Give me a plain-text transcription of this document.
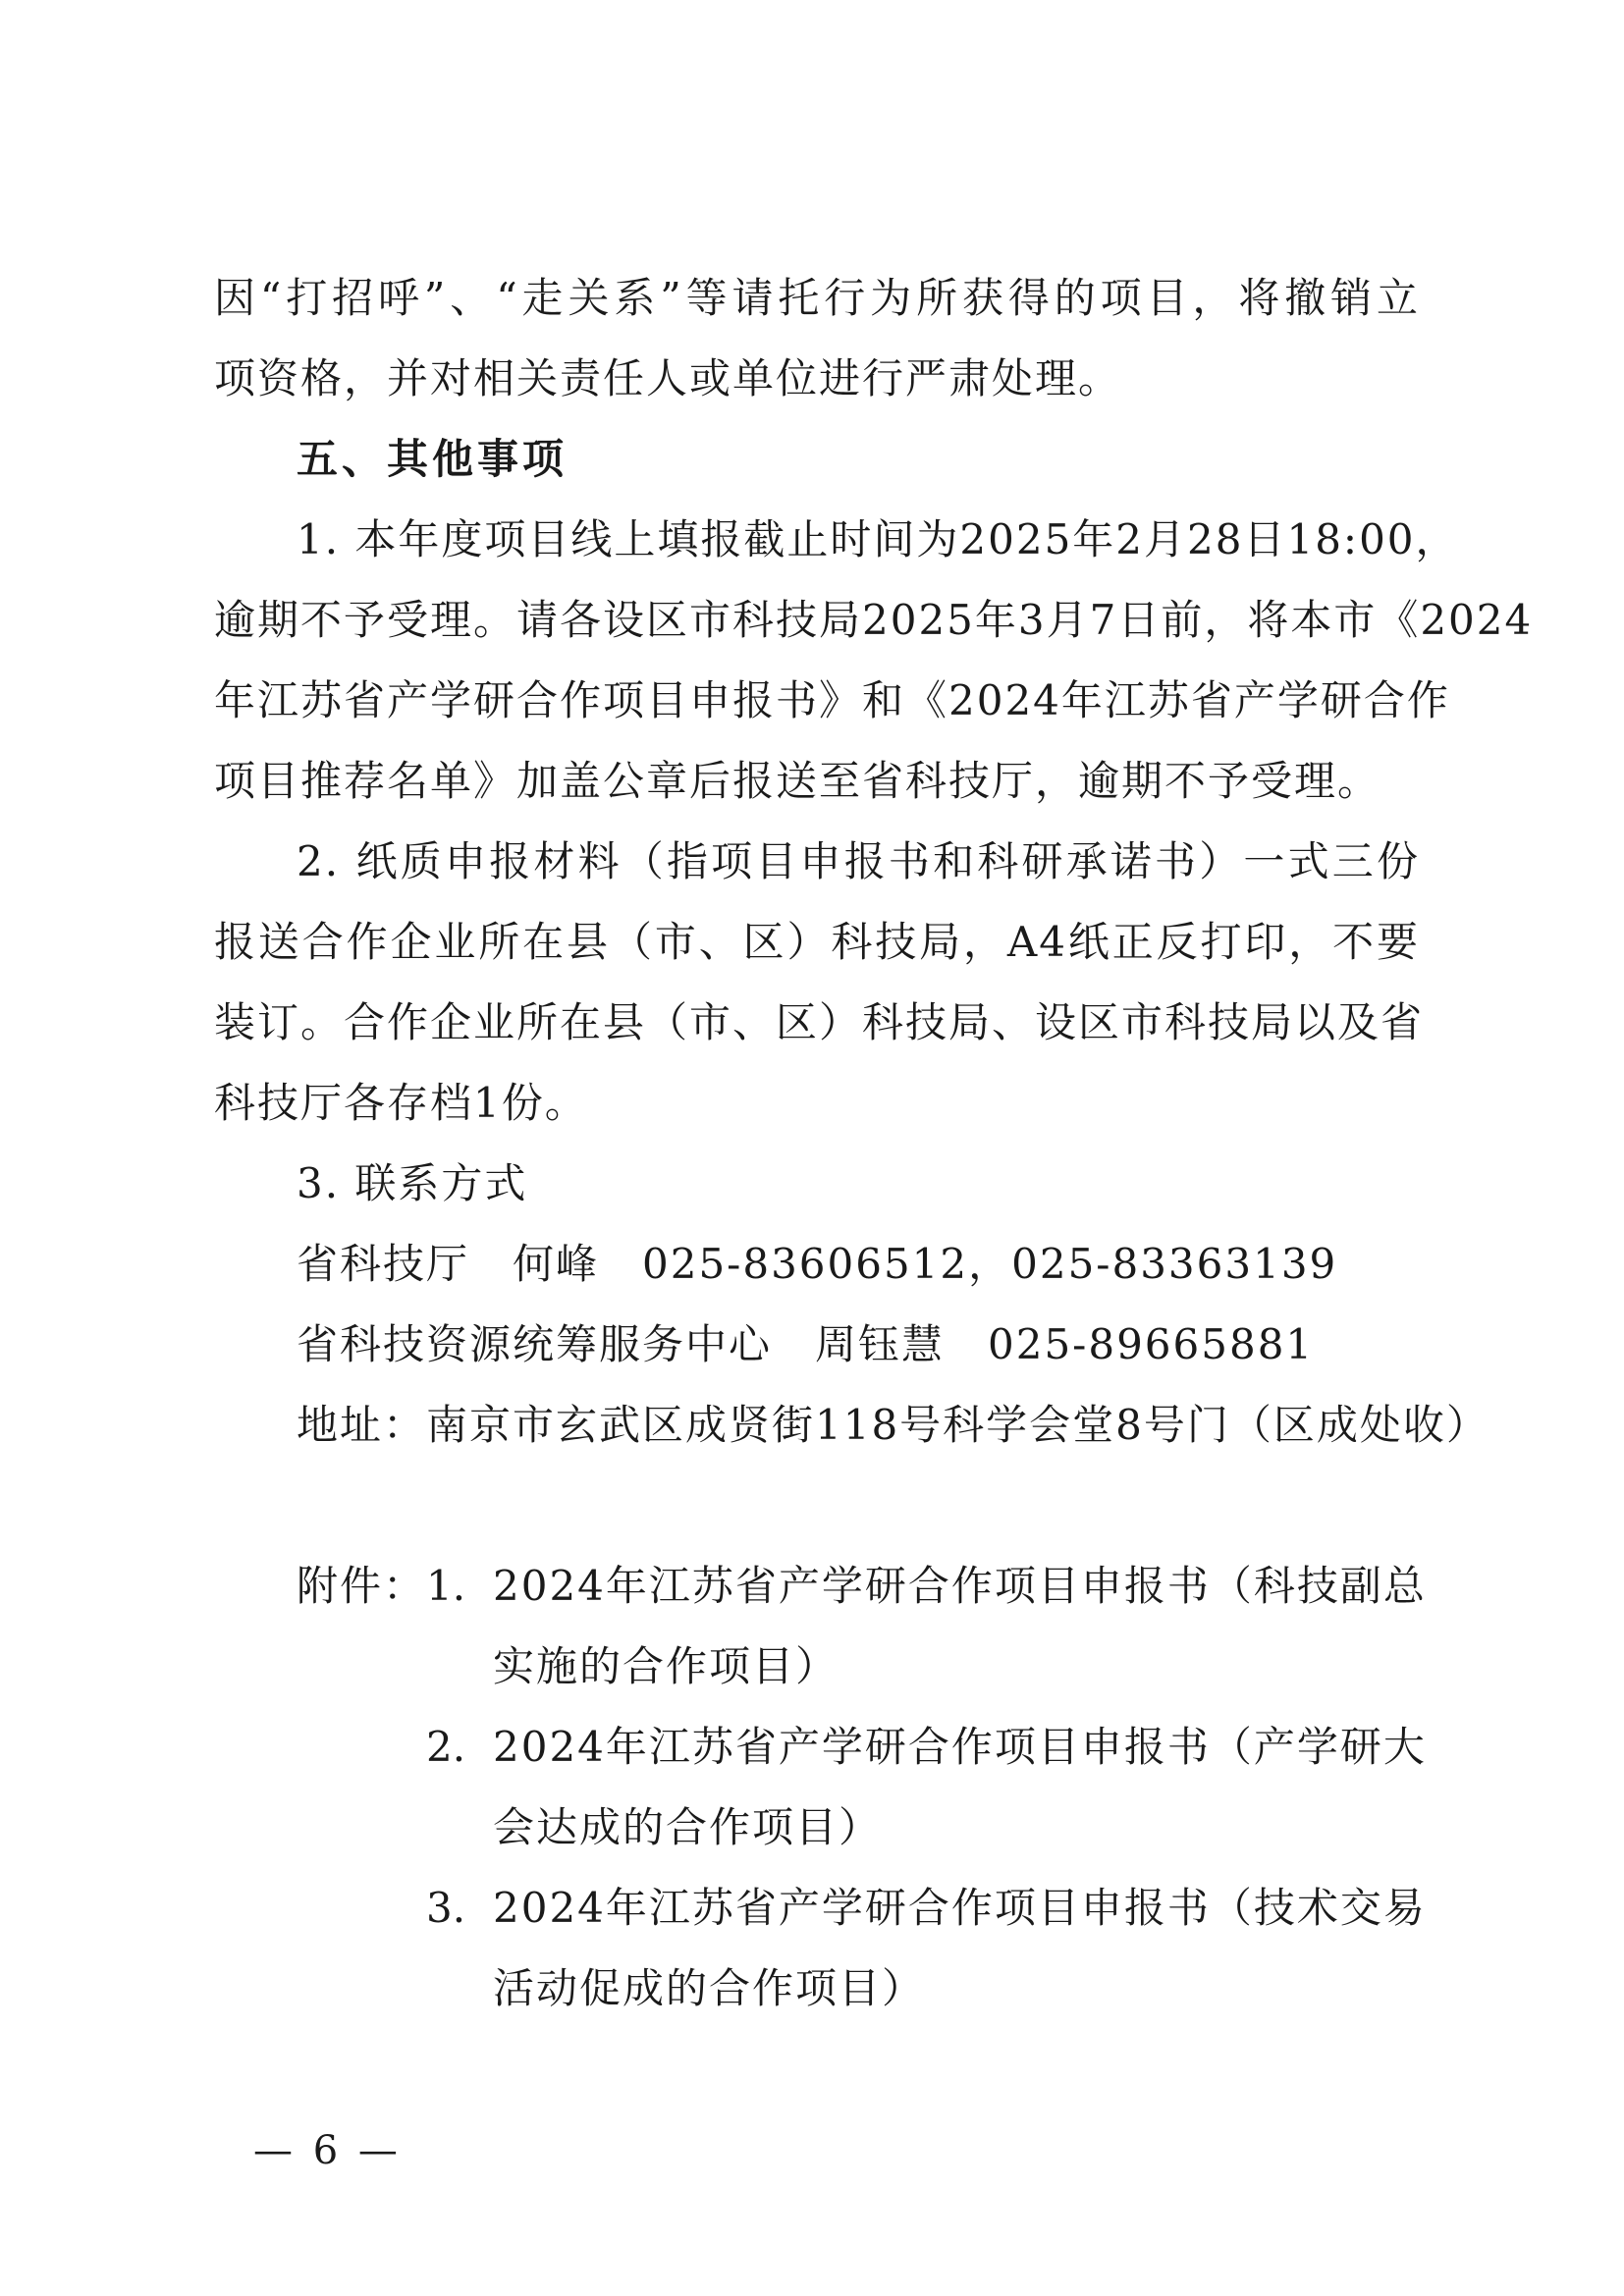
因“打招呼”、“走关系”等请托行为所获得的项目，将撤销立
项资格，并对相关责任人或单位进行严肃处理。
五、其他事项
1. 本年度项目线上填报截止时间为2025年2月28日18:00，
逾期不予受理。请各设区市科技局2025年3月7日前，将本市《2024
年江苏省产学研合作项目申报书》和《2024年江苏省产学研合作
项目推荐名单》加盖公章后报送至省科技厅，逾期不予受理。
2. 纸质申报材料（指项目申报书和科研承诺书）一式三份
报送合作企业所在县（市、区）科技局，A4纸正反打印，不要
装订。合作企业所在县（市、区）科技局、设区市科技局以及省
科技厅各存档1份。
3. 联系方式
省科技厅　何峰　025-83606512，025-83363139
省科技资源统筹服务中心　周钰慧　025-89665881
地址：南京市玄武区成贤街118号科学会堂8号门（区成处收）
附件： 1. 2024年江苏省产学研合作项目申报书（科技副总
实施的合作项目）
2. 2024年江苏省产学研合作项目申报书（产学研大
会达成的合作项目）
3. 2024年江苏省产学研合作项目申报书（技术交易
活动促成的合作项目）
— 6 —
